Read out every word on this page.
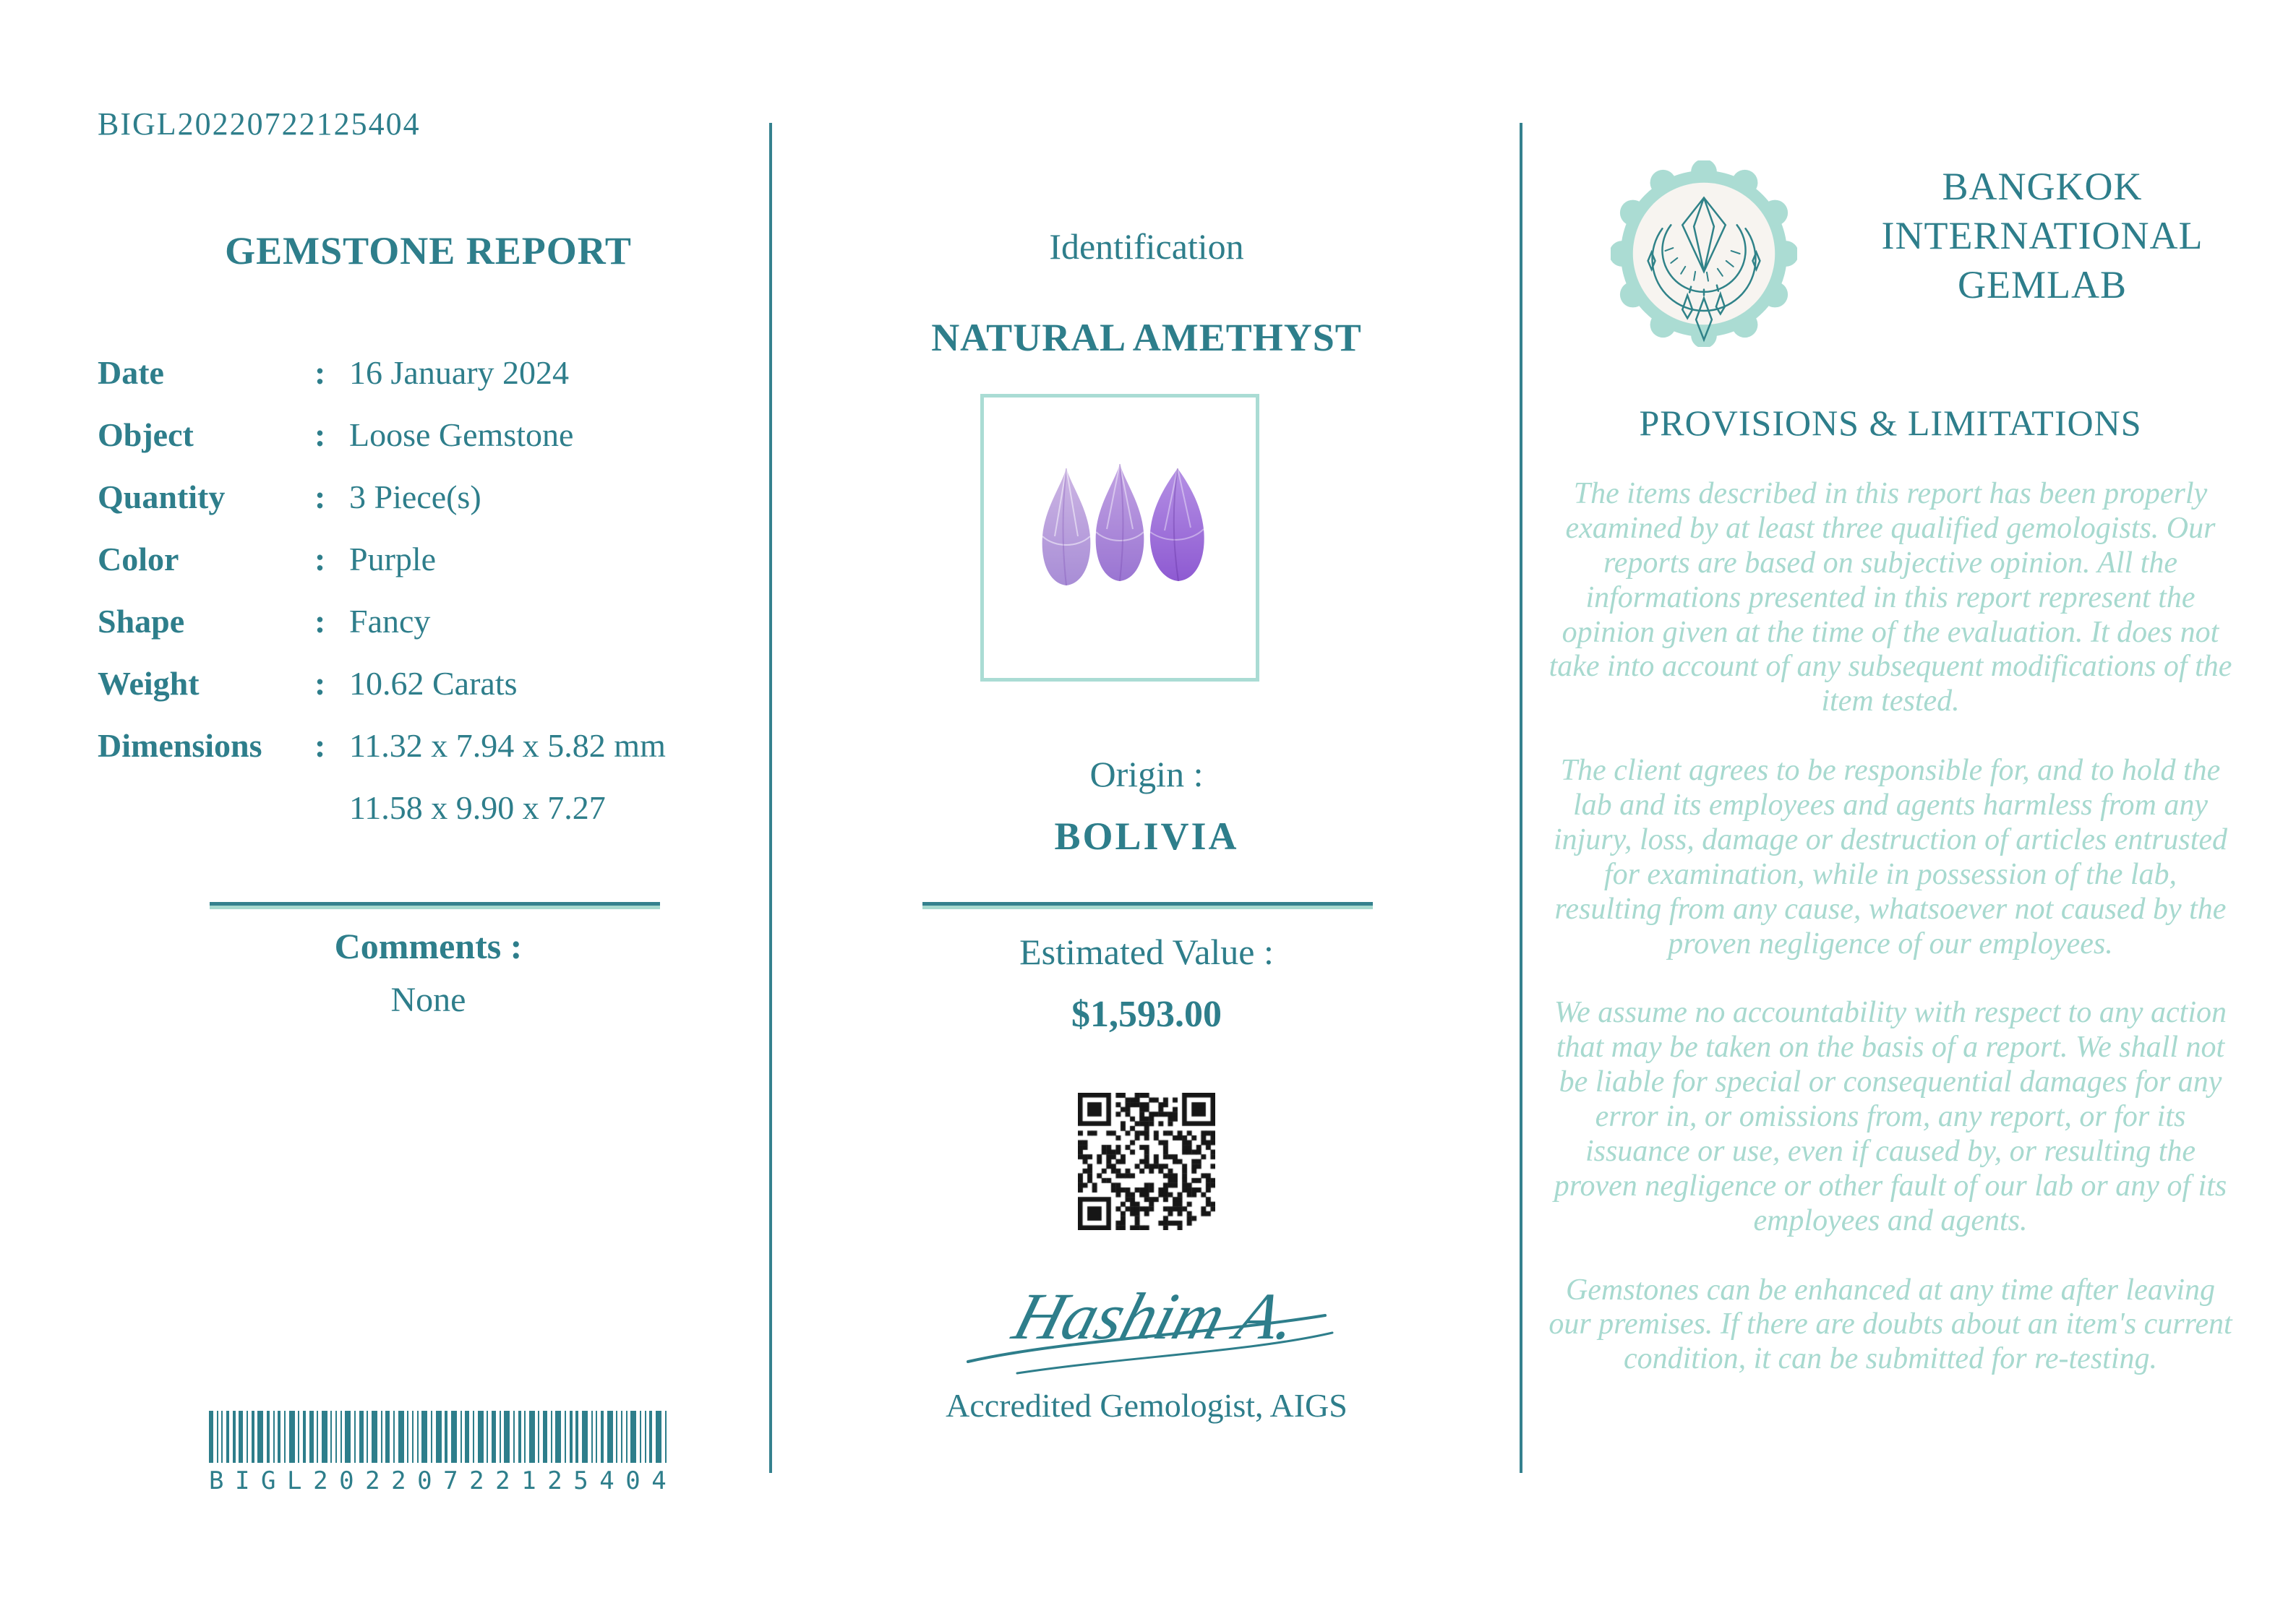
BIGL20220722125404
GEMSTONE REPORT
Date	: 16 January 2024
Object	: Loose Gemstone
Quantity	: 3 Piece(s)
Color	: Purple
Shape	: Fancy
Weight	: 10.62 Carats
Dimensions	: 11.32 x 7.94 x 5.82 mm
11.58 x 9.90 x 7.27
Comments :
None
B I G L 2 0 2 2 0 7 2 2 1 2 5 4 0 4
Identification
NATURAL AMETHYST
Origin :
BOLIVIA
Estimated Value :
$1,593.00
Hashim A.
Accredited Gemologist, AIGS
BANGKOK
INTERNATIONAL
GEMLAB
PROVISIONS & LIMITATIONS

The items described in this report has been properly examined by at least three qualified gemologists. Our reports are based on subjective opinion. All the informations presented in this report represent the opinion given at the time of the evaluation. It does not take into account of any subsequent modifications of the item tested.

The client agrees to be responsible for, and to hold the lab and its employees and agents harmless from any injury, loss, damage or destruction of articles entrusted for examination, while in possession of the lab, resulting from any cause, whatsoever not caused by the proven negligence of our employees.

We assume no accountability with respect to any action that may be taken on the basis of a report. We shall not be liable for special or consequential damages for any error in, or omissions from, any report, or for its issuance or use, even if caused by, or resulting the proven negligence or other fault of our lab or any of its employees and agents.

Gemstones can be enhanced at any time after leaving our premises. If there are doubts about an item's current condition, it can be submitted for re-testing.
